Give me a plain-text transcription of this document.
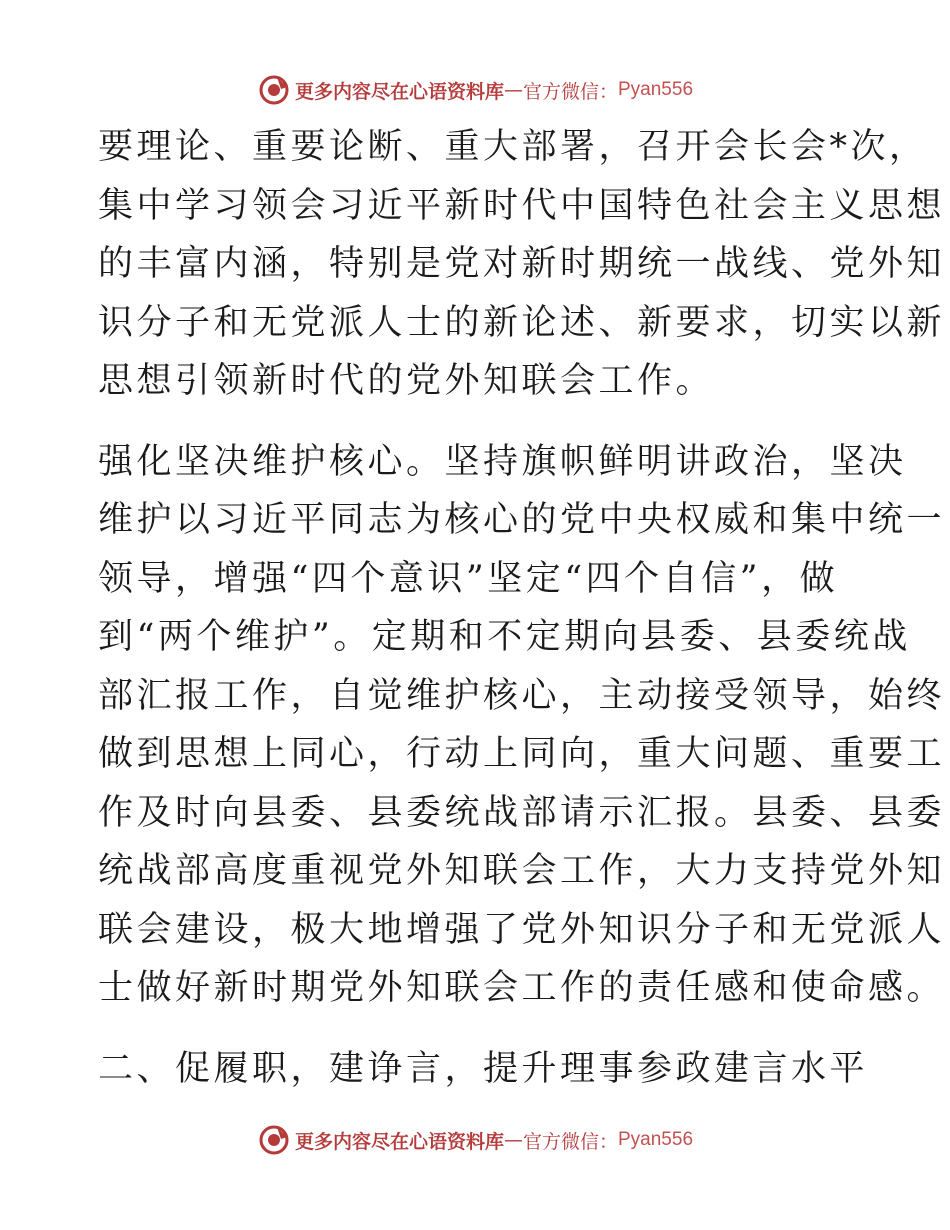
更多内容尽在心语资料库 — 官方微信： Pyan556
要理论、重要论断、重大部署，召开会长会*次，
集中学习领会习近平新时代中国特色社会主义思想
的丰富内涵，特别是党对新时期统一战线、党外知
识分子和无党派人士的新论述、新要求，切实以新
思想引领新时代的党外知联会工作。
强化坚决维护核心。坚持旗帜鲜明讲政治，坚决
维护以习近平同志为核心的党中央权威和集中统一
领导，增强“四个意识”坚定“四个自信”，做
到“两个维护”。定期和不定期向县委、县委统战
部汇报工作，自觉维护核心，主动接受领导，始终
做到思想上同心，行动上同向，重大问题、重要工
作及时向县委、县委统战部请示汇报。县委、县委
统战部高度重视党外知联会工作，大力支持党外知
联会建设，极大地增强了党外知识分子和无党派人
士做好新时期党外知联会工作的责任感和使命感。
二、促履职，建诤言，提升理事参政建言水平
更多内容尽在心语资料库 — 官方微信： Pyan556
